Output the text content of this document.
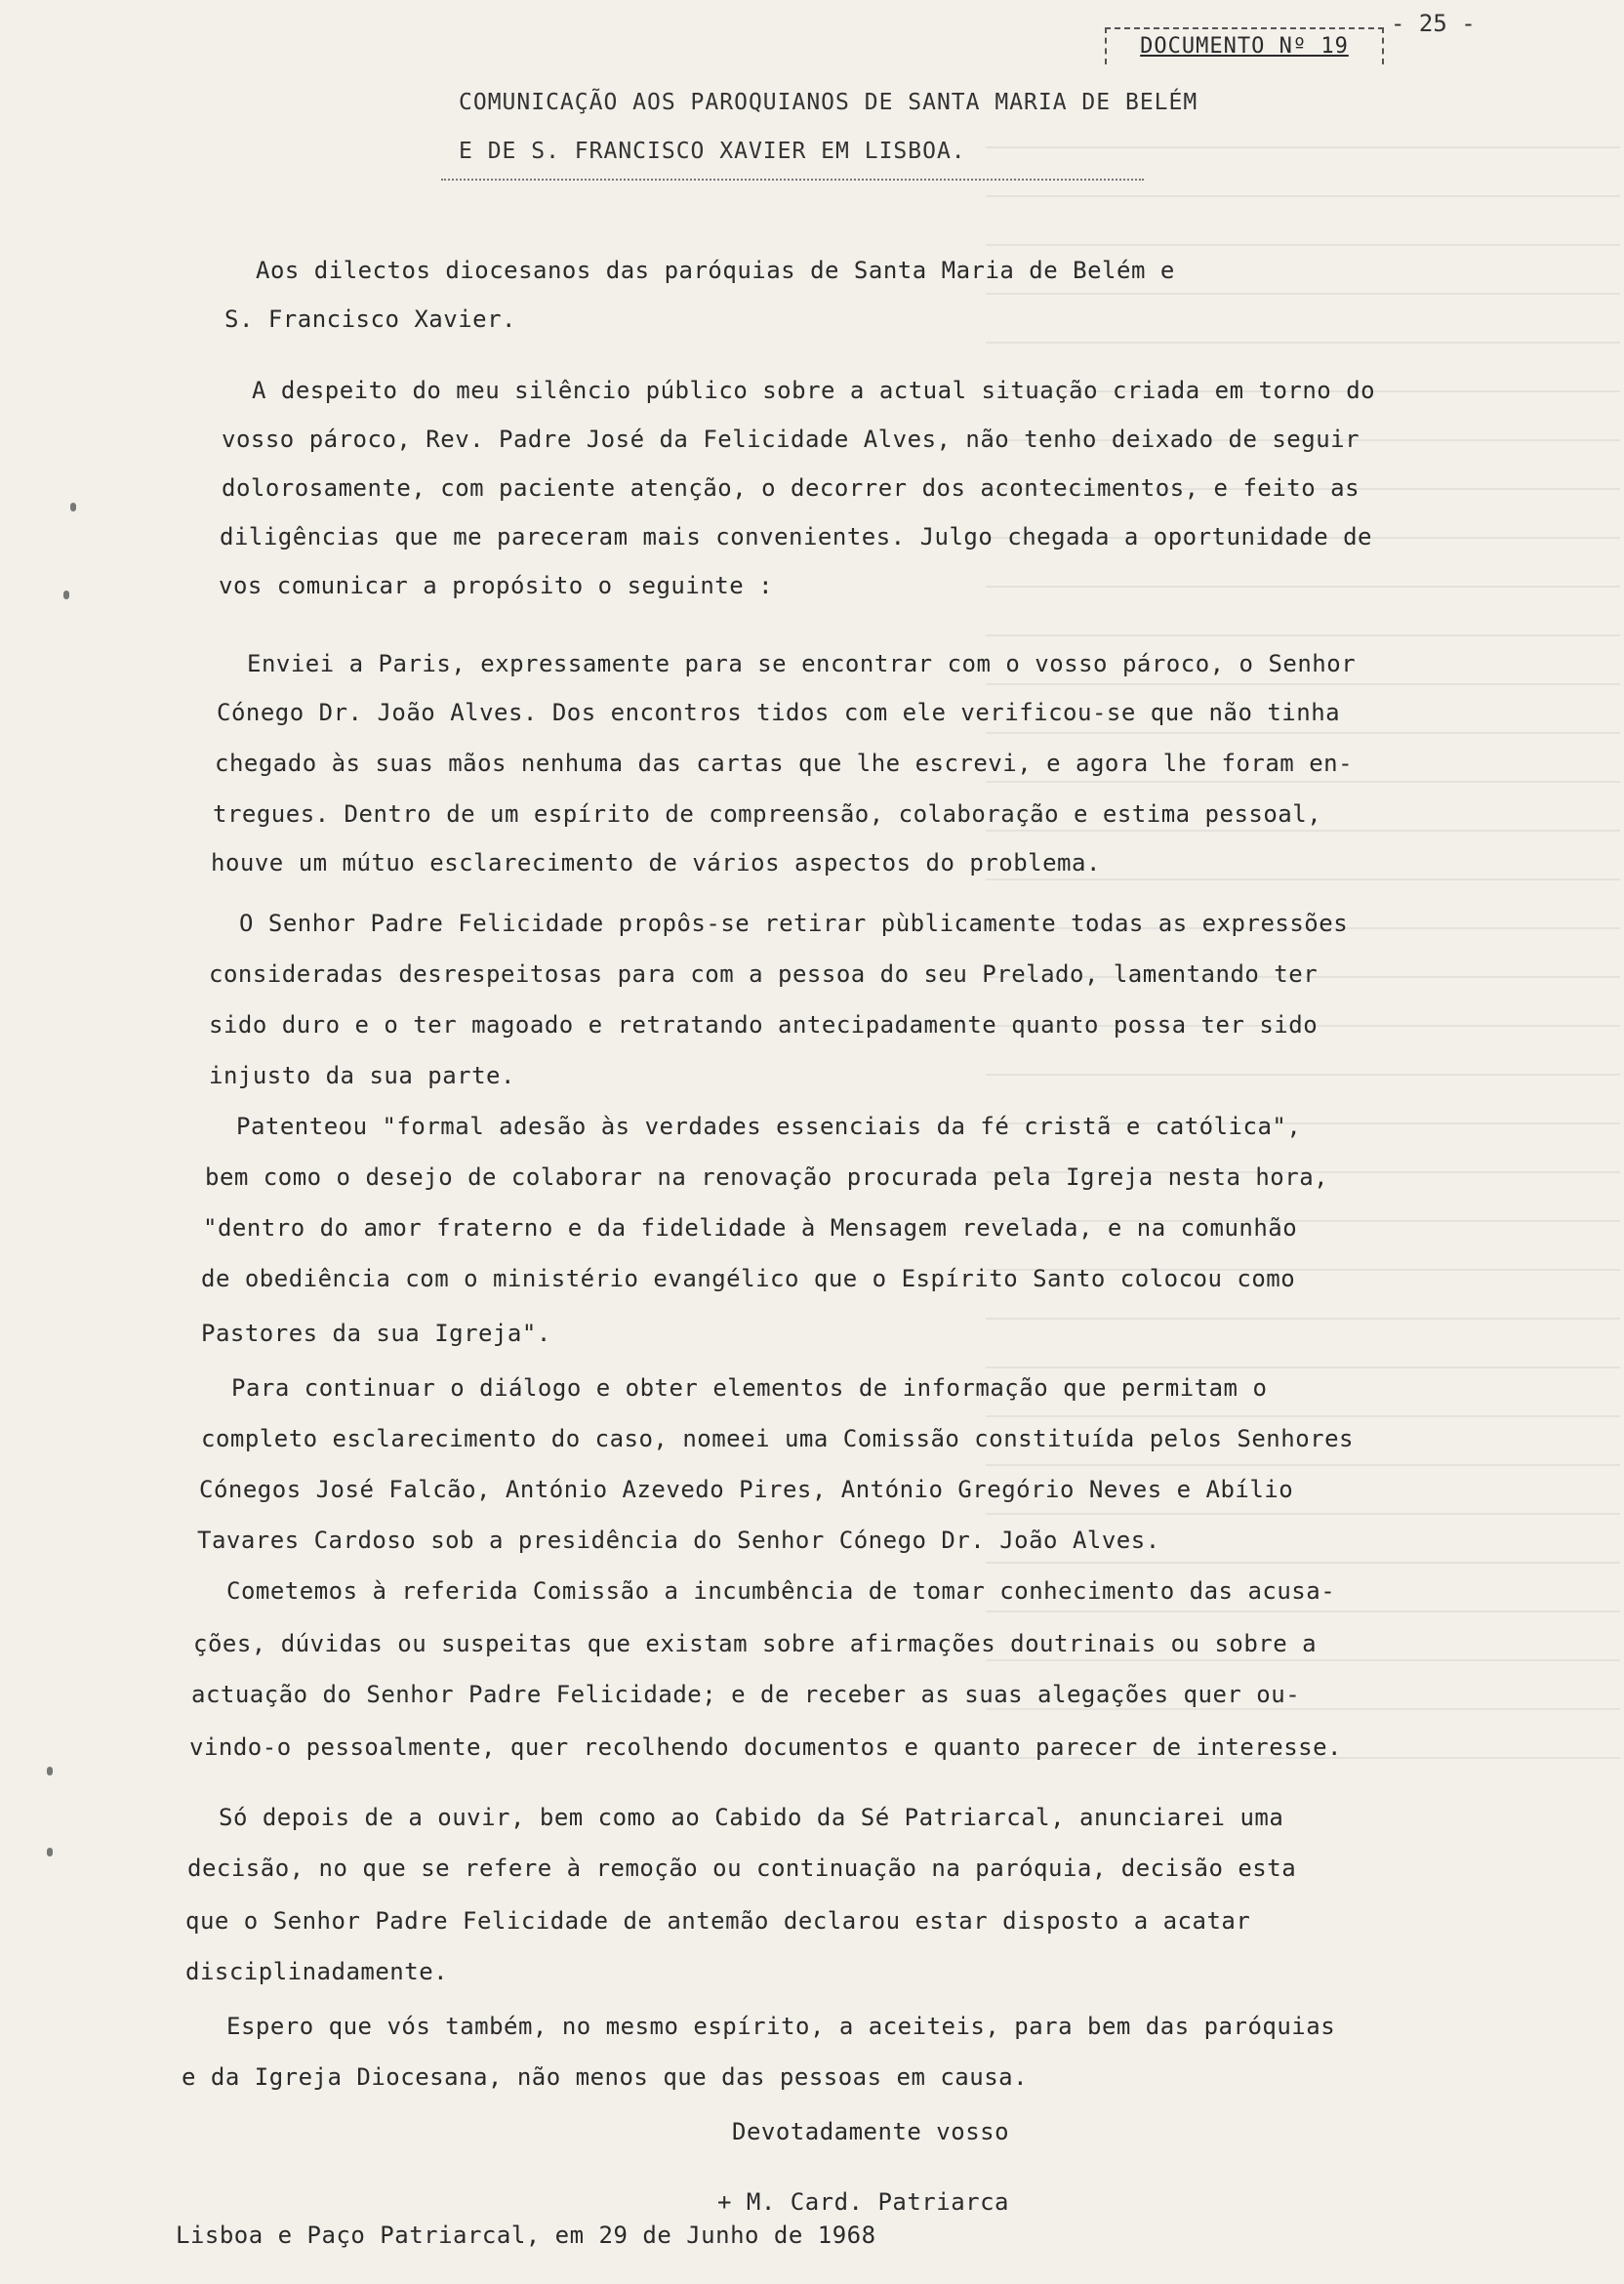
- 25 -
DOCUMENTO Nº 19
COMUNICAÇÃO AOS PAROQUIANOS DE SANTA MARIA DE BELÉM
E DE S. FRANCISCO XAVIER EM LISBOA.
Aos dilectos diocesanos das paróquias de Santa Maria de Belém e
S. Francisco Xavier.
A despeito do meu silêncio público sobre a actual situação criada em torno do
vosso pároco, Rev. Padre José da Felicidade Alves, não tenho deixado de seguir
dolorosamente, com paciente atenção, o decorrer dos acontecimentos, e feito as
diligências que me pareceram mais convenientes. Julgo chegada a oportunidade de
vos comunicar a propósito o seguinte :
Enviei a Paris, expressamente para se encontrar com o vosso pároco, o Senhor
Cónego Dr. João Alves. Dos encontros tidos com ele verificou-se que não tinha
chegado às suas mãos nenhuma das cartas que lhe escrevi, e agora lhe foram en-
tregues. Dentro de um espírito de compreensão, colaboração e estima pessoal,
houve um mútuo esclarecimento de vários aspectos do problema.
O Senhor Padre Felicidade propôs-se retirar pùblicamente todas as expressões
consideradas desrespeitosas para com a pessoa do seu Prelado, lamentando ter
sido duro e o ter magoado e retratando antecipadamente quanto possa ter sido
injusto da sua parte.
Patenteou "formal adesão às verdades essenciais da fé cristã e católica",
bem como o desejo de colaborar na renovação procurada pela Igreja nesta hora,
"dentro do amor fraterno e da fidelidade à Mensagem revelada, e na comunhão
de obediência com o ministério evangélico que o Espírito Santo colocou como
Pastores da sua Igreja".
Para continuar o diálogo e obter elementos de informação que permitam o
completo esclarecimento do caso, nomeei uma Comissão constituída pelos Senhores
Cónegos José Falcão, António Azevedo Pires, António Gregório Neves e Abílio
Tavares Cardoso sob a presidência do Senhor Cónego Dr. João Alves.
Cometemos à referida Comissão a incumbência de tomar conhecimento das acusa-
ções, dúvidas ou suspeitas que existam sobre afirmações doutrinais ou sobre a
actuação do Senhor Padre Felicidade; e de receber as suas alegações quer ou-
vindo-o pessoalmente, quer recolhendo documentos e quanto parecer de interesse.
Só depois de a ouvir, bem como ao Cabido da Sé Patriarcal, anunciarei uma
decisão, no que se refere à remoção ou continuação na paróquia, decisão esta
que o Senhor Padre Felicidade de antemão declarou estar disposto a acatar
disciplinadamente.
Espero que vós também, no mesmo espírito, a aceiteis, para bem das paróquias
e da Igreja Diocesana, não menos que das pessoas em causa.
Devotadamente vosso
+ M. Card. Patriarca
Lisboa e Paço Patriarcal, em 29 de Junho de 1968
